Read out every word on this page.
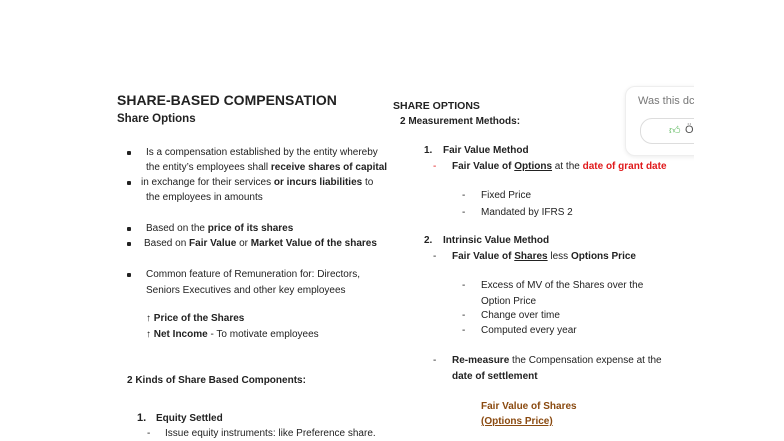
SHARE-BASED COMPENSATION
Share Options
Is a compensation established by the entity whereby
the entity’s employees shall receive shares of capital
in exchange for their services or incurs liabilities to
the employees in amounts
Based on the price of its shares
Based on Fair Value or Market Value of the shares
Common feature of Remuneration for: Directors,
Seniors Executives and other key employees
↑ Price of the Shares
↑ Net Income - To motivate employees
2 Kinds of Share Based Components:
1. Equity Settled
- Issue equity instruments: like Preference share.
SHARE OPTIONS
2 Measurement Methods:
1. Fair Value Method
- Fair Value of Options at the date of grant date
- Fixed Price
- Mandated by IFRS 2
2. Intrinsic Value Method
- Fair Value of Shares less Options Price
- Excess of MV of the Shares over the
Option Price
- Change over time
- Computed every year
- Re-measure the Compensation expense at the
date of settlement
Fair Value of Shares
(Options Price)
Was this dc
👍︎ Ö
